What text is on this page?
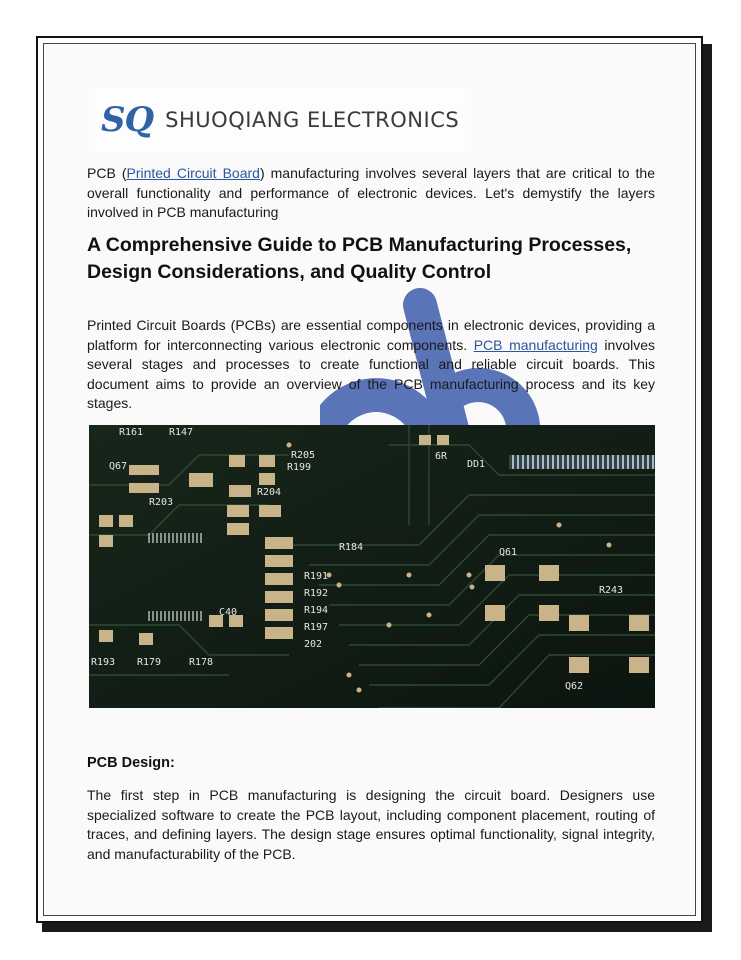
SQ SHUOQIANG ELECTRONICS
PCB (Printed Circuit Board) manufacturing involves several layers that are critical to the overall functionality and performance of electronic devices. Let's demystify the layers involved in PCB manufacturing
A Comprehensive Guide to PCB Manufacturing Processes, Design Considerations, and Quality Control
Printed Circuit Boards (PCBs) are essential components in electronic devices, providing a platform for interconnecting various electronic components. PCB manufacturing involves several stages and processes to create functional and reliable circuit boards. This document aims to provide an overview of the PCB manufacturing process and its key stages.
R161	R147
R205
R199
R204
R203
Q67
R184
R191
R192
R194
R197
202
C40
R193 R179	R178
Q61
R243
DD1
6R
Q62
PCB Design:
The first step in PCB manufacturing is designing the circuit board. Designers use specialized software to create the PCB layout, including component placement, routing of traces, and defining layers. The design stage ensures optimal functionality, signal integrity, and manufacturability of the PCB.
